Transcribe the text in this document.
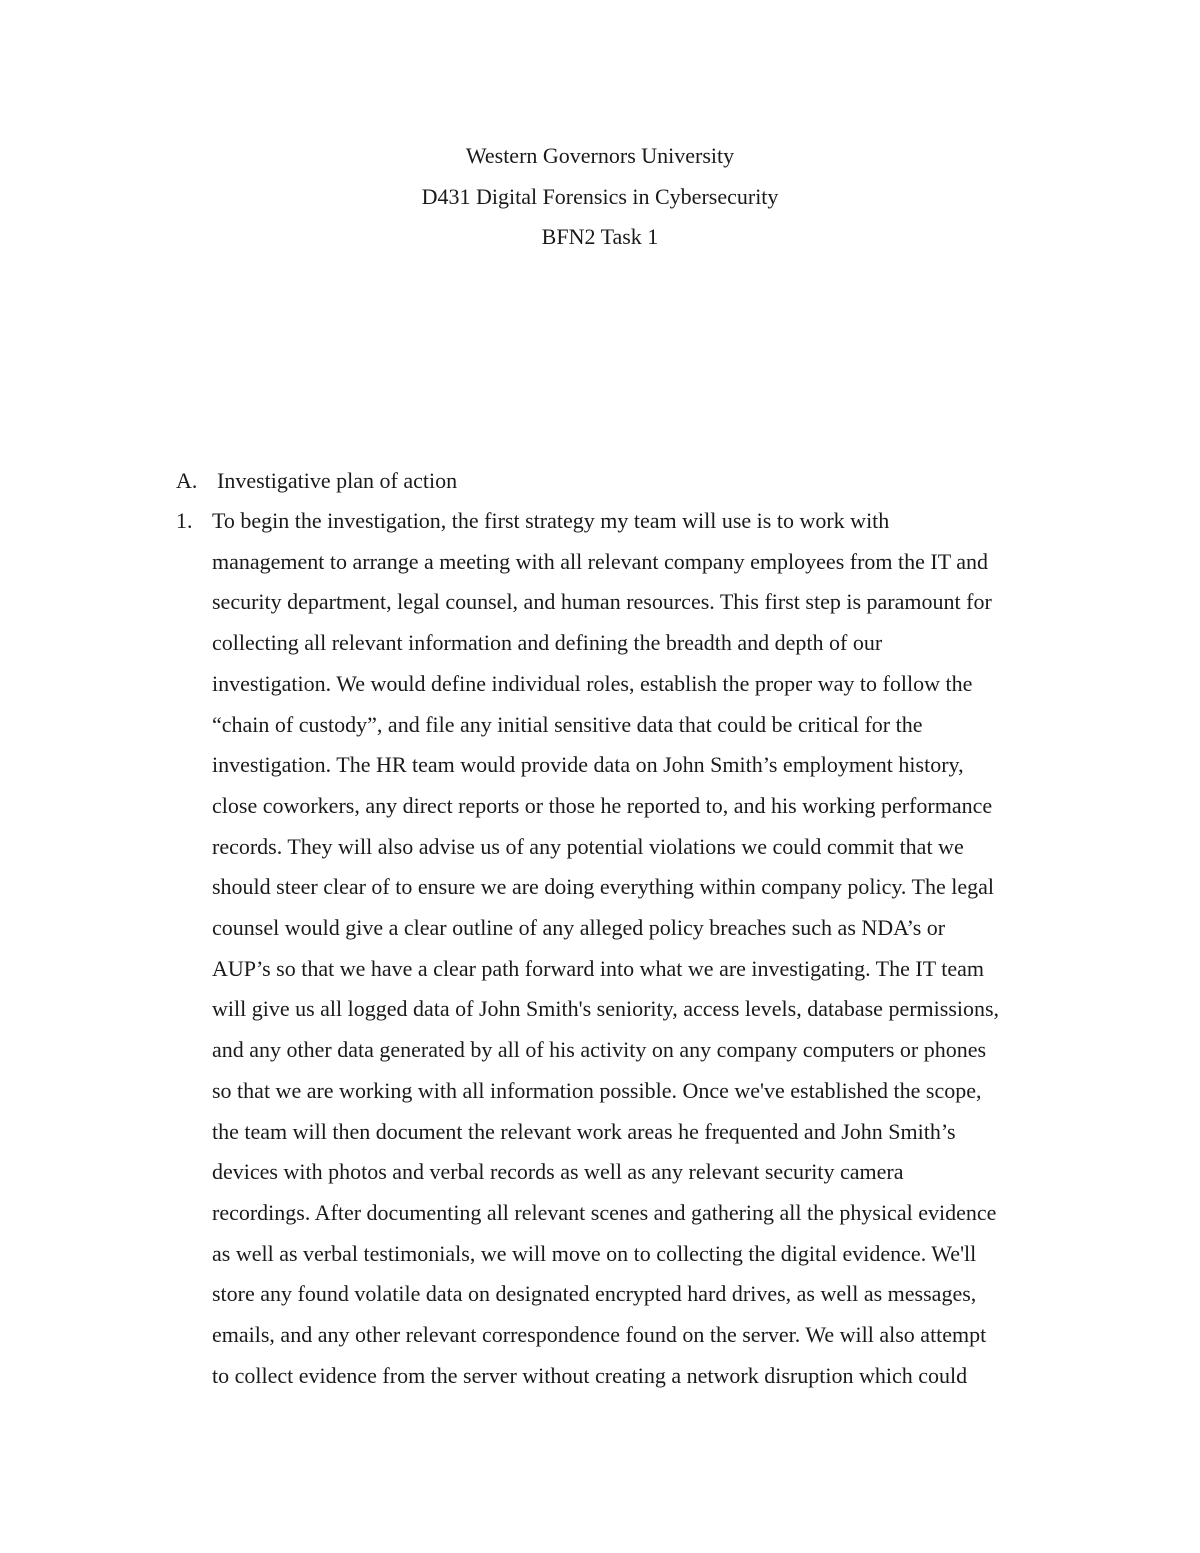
Western Governors University
D431 Digital Forensics in Cybersecurity
BFN2 Task 1
A. Investigative plan of action
1. To begin the investigation, the first strategy my team will use is to work with
management to arrange a meeting with all relevant company employees from the IT and
security department, legal counsel, and human resources. This first step is paramount for
collecting all relevant information and defining the breadth and depth of our
investigation. We would define individual roles, establish the proper way to follow the
“chain of custody”, and file any initial sensitive data that could be critical for the
investigation. The HR team would provide data on John Smith’s employment history,
close coworkers, any direct reports or those he reported to, and his working performance
records. They will also advise us of any potential violations we could commit that we
should steer clear of to ensure we are doing everything within company policy. The legal
counsel would give a clear outline of any alleged policy breaches such as NDA’s or
AUP’s so that we have a clear path forward into what we are investigating. The IT team
will give us all logged data of John Smith's seniority, access levels, database permissions,
and any other data generated by all of his activity on any company computers or phones
so that we are working with all information possible. Once we've established the scope,
the team will then document the relevant work areas he frequented and John Smith’s
devices with photos and verbal records as well as any relevant security camera
recordings. After documenting all relevant scenes and gathering all the physical evidence
as well as verbal testimonials, we will move on to collecting the digital evidence. We'll
store any found volatile data on designated encrypted hard drives, as well as messages,
emails, and any other relevant correspondence found on the server. We will also attempt
to collect evidence from the server without creating a network disruption which could
